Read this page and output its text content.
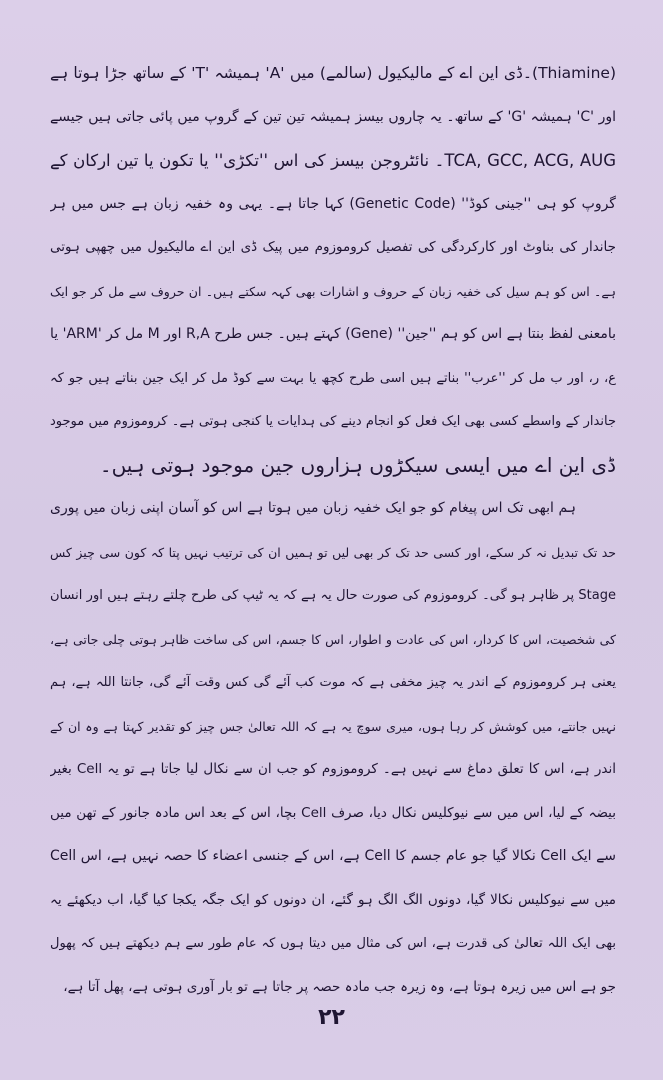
(Thiamine)۔ڈی این اے کے مالیکیول (سالمے) میں 'A' ہمیشہ 'T' کے ساتھ جڑا ہوتا ہے
اور 'C' ہمیشہ 'G' کے ساتھ۔ یہ چاروں بیسز ہمیشہ تین تین کے گروپ میں پائی جاتی ہیں جیسے
TCA, GCC, ACG, AUG۔ نائٹروجن بیسز کی اس ''تکڑی'' یا تکون یا تین ارکان کے
گروپ کو ہی ''جینی کوڈ'' (Genetic Code) کہا جاتا ہے۔ یہی وہ خفیہ زبان ہے جس میں ہر
جاندار کی بناوٹ اور کارکردگی کی تفصیل کروموزوم میں پیک ڈی این اے مالیکیول میں چھپی ہوتی
ہے۔ اس کو ہم سیل کی خفیہ زبان کے حروف و اشارات بھی کہہ سکتے ہیں۔ ان حروف سے مل کر جو ایک
بامعنی لفظ بنتا ہے اس کو ہم ''جین'' (Gene) کہتے ہیں۔ جس طرح R,A اور M مل کر 'ARM' یا
ع، ر، اور ب مل کر ''عرب'' بناتے ہیں اسی طرح کچھ یا بہت سے کوڈ مل کر ایک جین بناتے ہیں جو کہ
جاندار کے واسطے کسی بھی ایک فعل کو انجام دینے کی ہدایات یا کنجی ہوتی ہے۔ کروموزوم میں موجود
ڈی این اے میں ایسی سیکڑوں ہزاروں جین موجود ہوتی ہیں۔
ہم ابھی تک اس پیغام کو جو ایک خفیہ زبان میں ہوتا ہے اس کو آسان اپنی زبان میں پوری
حد تک تبدیل نہ کر سکے، اور کسی حد تک کر بھی لیں تو ہمیں ان کی ترتیب نہیں پتا کہ کون سی چیز کس
Stage پر ظاہر ہو گی۔ کروموزوم کی صورت حال یہ ہے کہ یہ ٹیپ کی طرح چلتے رہتے ہیں اور انسان
کی شخصیت، اس کا کردار، اس کی عادت و اطوار، اس کا جسم، اس کی ساخت ظاہر ہوتی چلی جاتی ہے،
یعنی ہر کروموزوم کے اندر یہ چیز مخفی ہے کہ موت کب آئے گی کس وقت آئے گی، جانتا اللہ ہے، ہم
نہیں جانتے، میں کوشش کر رہا ہوں، میری سوچ یہ ہے کہ اللہ تعالیٰ جس چیز کو تقدیر کہتا ہے وہ ان کے
اندر ہے، اس کا تعلق دماغ سے نہیں ہے۔ کروموزوم کو جب ان سے نکال لیا جاتا ہے تو یہ Cell بغیر
بیضہ کے لیا، اس میں سے نیوکلیس نکال دیا، صرف Cell بچا، اس کے بعد اس مادہ جانور کے تھن میں
سے ایک Cell نکالا گیا جو عام جسم کا Cell ہے، اس کے جنسی اعضاء کا حصہ نہیں ہے، اس Cell
میں سے نیوکلیس نکالا گیا، دونوں الگ الگ ہو گئے، ان دونوں کو ایک جگہ یکجا کیا گیا، اب دیکھئے یہ
بھی ایک اللہ تعالیٰ کی قدرت ہے، اس کی مثال میں دیتا ہوں کہ عام طور سے ہم دیکھتے ہیں کہ پھول
جو ہے اس میں زیرہ ہوتا ہے، وہ زیرہ جب مادہ حصہ پر جاتا ہے تو بار آوری ہوتی ہے، پھل آتا ہے،
۲۲
